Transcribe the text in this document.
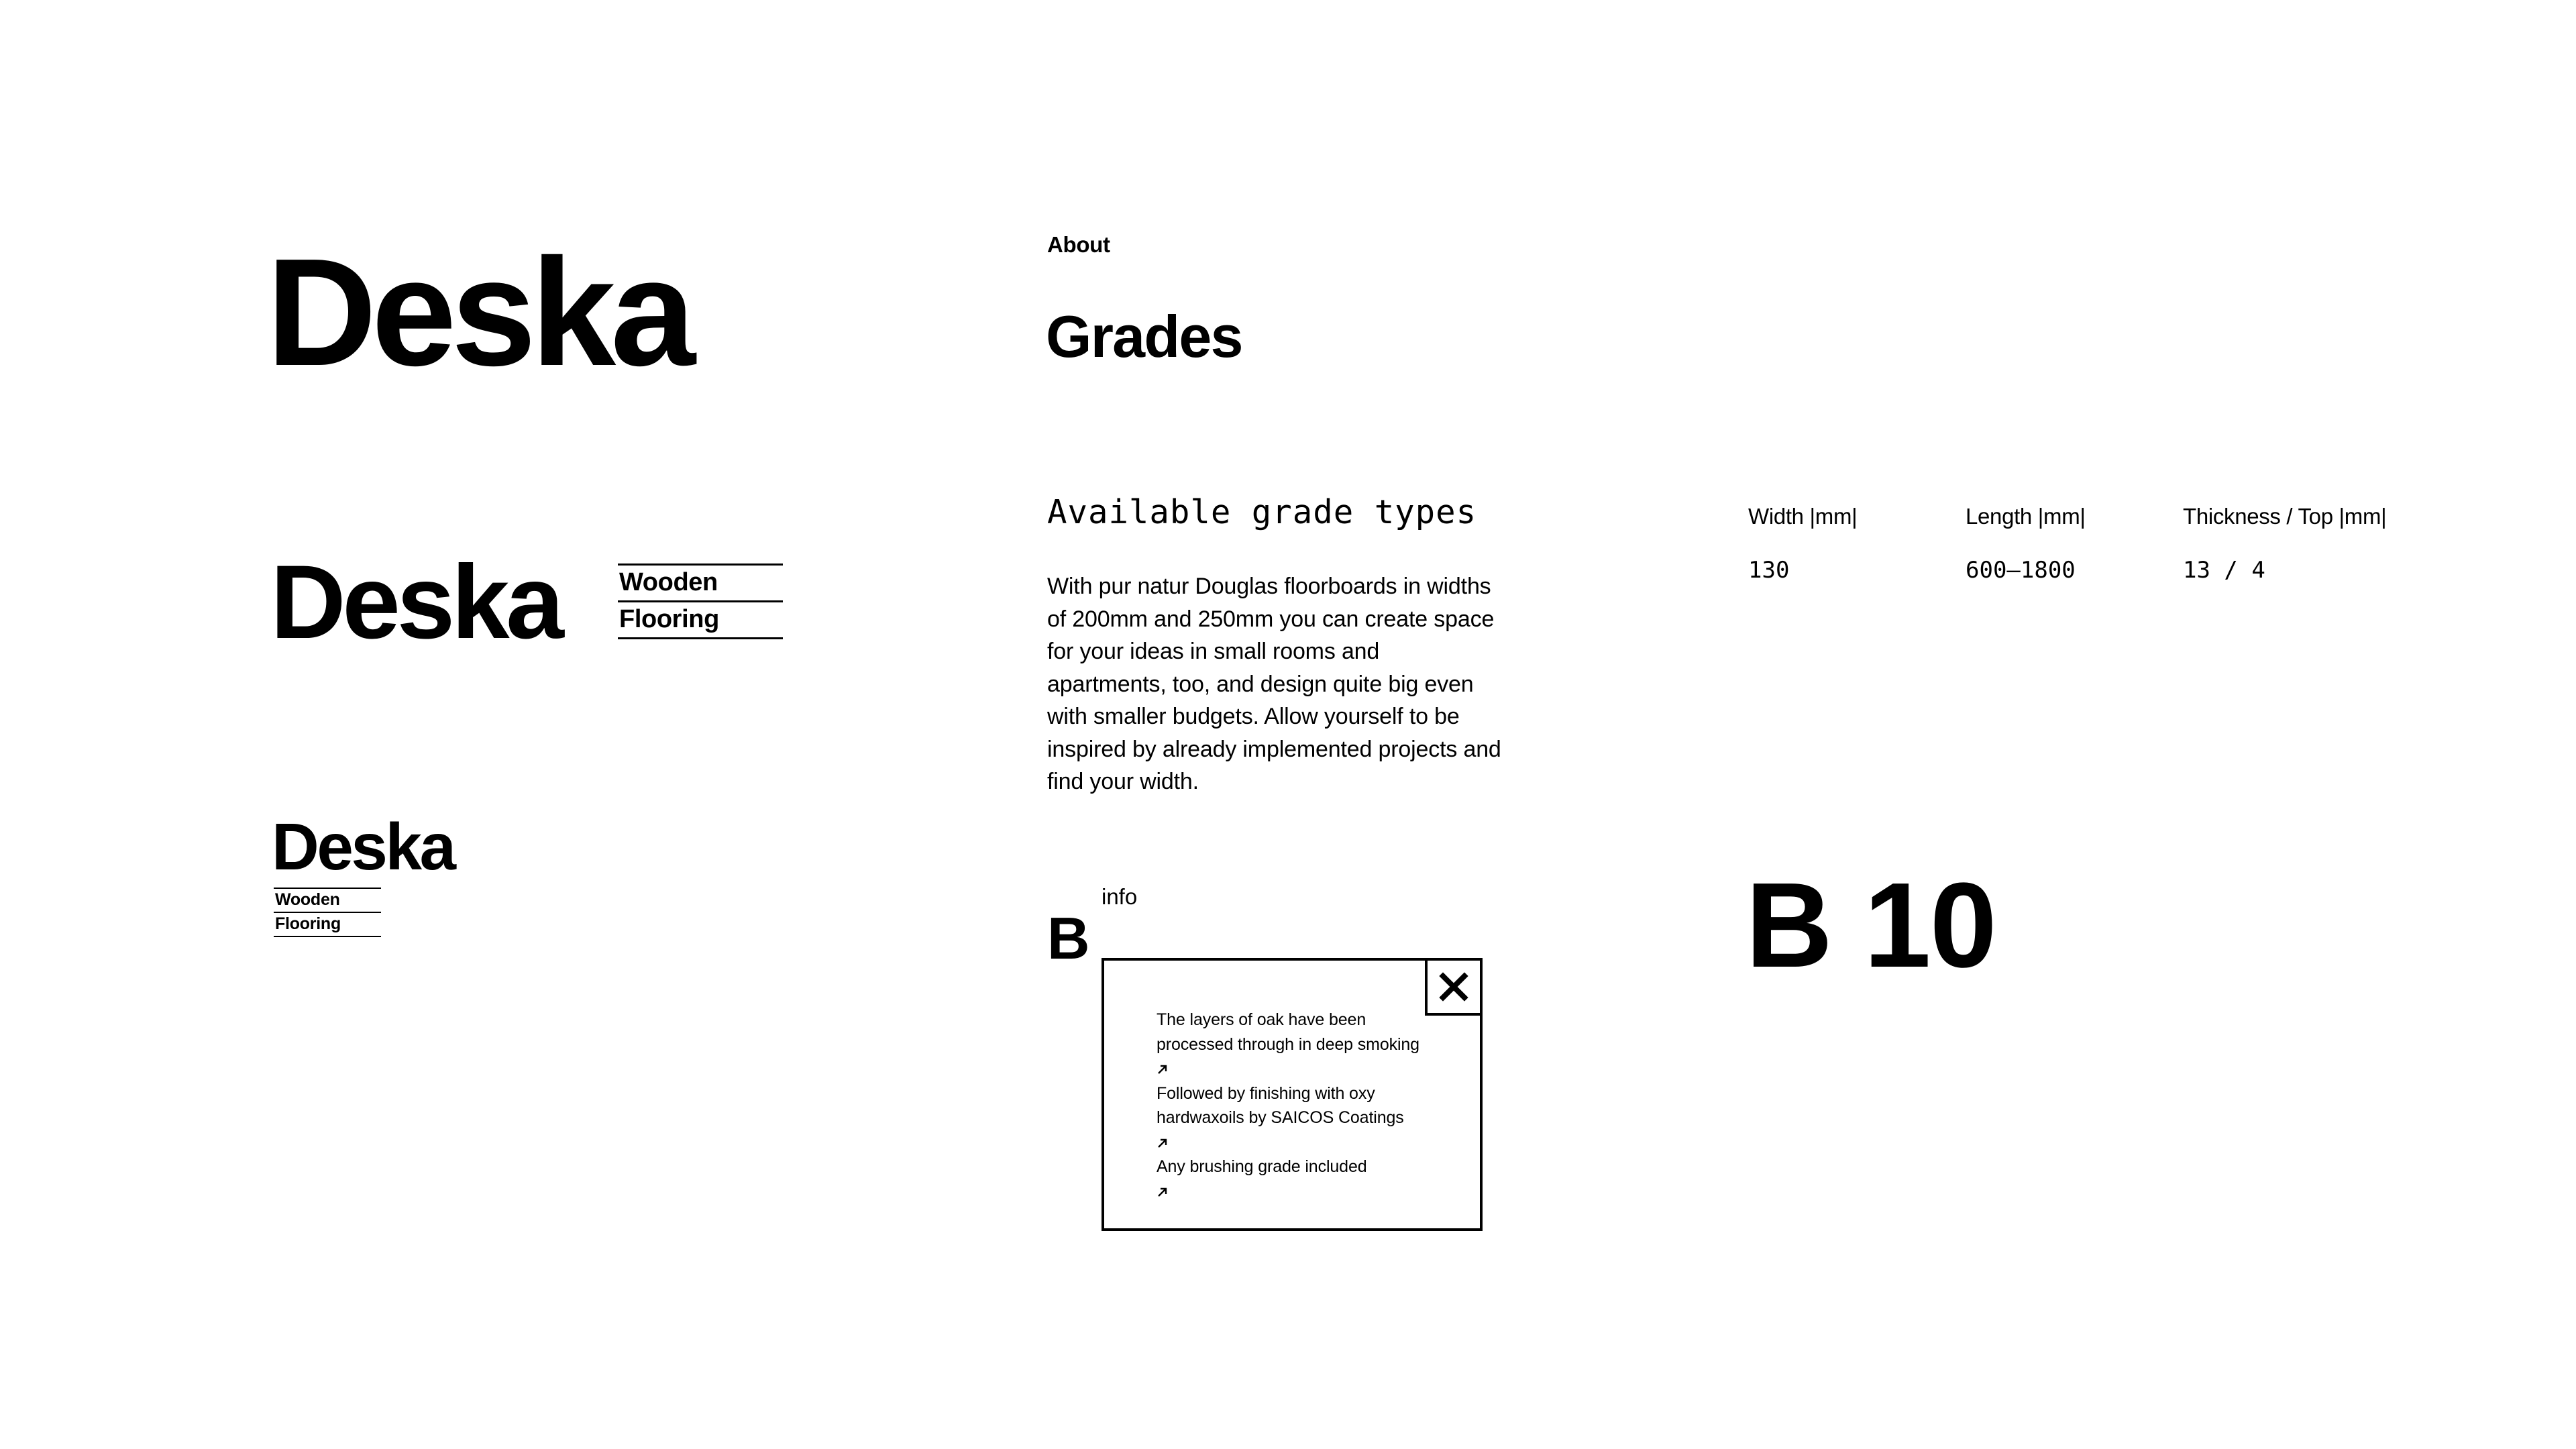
Deska
Deska Wooden
Flooring
Deska
Wooden
Flooring
About
Grades
Available grade types
With pur natur Douglas floorboards in widths of 200mm and 250mm you can create space for your ideas in small rooms and apartments, too, and design quite big even with smaller budgets. Allow yourself to be inspired by already implemented projects and find your width.
Width |mm|	Length |mm|	Thickness / Top |mm|
130	600–1800	13 / 4
B
info
The layers of oak have been processed through in deep smoking
Followed by finishing with oxy hardwaxoils by SAICOS Coatings
Any brushing grade included
B 10
